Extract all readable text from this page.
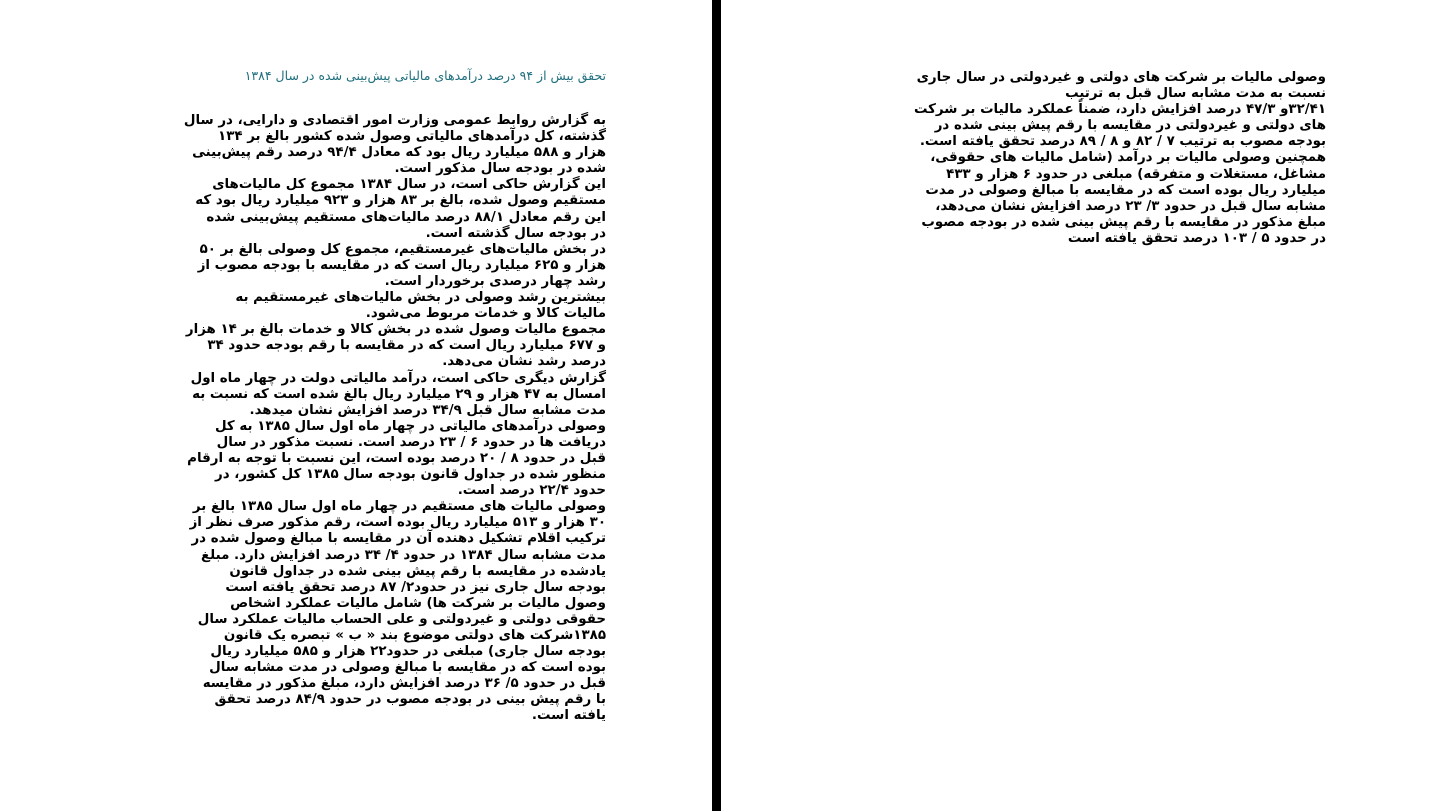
تحقق بیش از ۹۴ درصد درآمدهای مالیاتی پیش‌بینی شده در سال ۱۳۸۴
به گزارش روابط عمومی وزارت امور اقتصادی و دارایی، در سال
گذشته، کل درآمدهای مالیاتی وصول شده کشور بالغ بر ۱۳۴
هزار و ۵۸۸ میلیارد ریال بود که معادل ۹۴/۴ درصد رقم پیش‌بینی
شده در بودجه سال مذکور است.
این گزارش حاکی است، در سال ۱۳۸۴ مجموع کل مالیات‌های
مستقیم وصول شده، بالغ بر ۸۳ هزار و ۹۲۳ میلیارد ریال بود که
این رقم معادل ۸۸/۱ درصد مالیات‌های مستقیم پیش‌بینی شده
در بودجه سال گذشته است.
در بخش مالیات‌های غیرمستقیم، مجموع کل وصولی بالغ بر ۵۰
هزار و ۶۲۵ میلیارد ریال است که در مقایسه با بودجه مصوب از
رشد چهار درصدی برخوردار است.
بیشترین رشد وصولی در بخش مالیات‌های غیرمستقیم به
مالیات کالا و خدمات مربوط می‌شود.
مجموع مالیات وصول شده در بخش کالا و خدمات بالغ بر ۱۴ هزار
و ۶۷۷ میلیارد ریال است که در مقایسه با رقم بودجه حدود ۳۴
درصد رشد نشان می‌دهد.
گزارش دیگری حاکی است، درآمد مالیاتی دولت در چهار ماه اول
امسال به ۴۷ هزار و ۲۹ میلیارد ریال بالغ شده است که نسبت به
مدت مشابه سال قبل ۳۴/۹ درصد افزایش نشان میدهد.
وصولی درآمدهای مالیاتی در چهار ماه اول سال ۱۳۸۵ به کل
دریافت ها در حدود ۶ / ۲۳ درصد است. نسبت مذکور در سال
قبل در حدود ۸ / ۲۰ درصد بوده است، این نسبت با توجه به ارقام
منظور شده در جداول قانون بودجه سال ۱۳۸۵ کل کشور، در
حدود ۲۲/۴ درصد است.
وصولی مالیات های مستقیم در چهار ماه اول سال ۱۳۸۵ بالغ بر
۳۰ هزار و ۵۱۳ میلیارد ریال بوده است، رقم مذکور صرف نظر از
ترکیب اقلام تشکیل دهنده آن در مقایسه با مبالغ وصول شده در
مدت مشابه سال ۱۳۸۴ در حدود ۴/ ۳۴ درصد افزایش دارد. مبلغ
یادشده در مقایسه با رقم پیش بینی شده در جداول قانون
بودجه سال جاری نیز در حدود۲/ ۸۷ درصد تحقق یافته است
وصول مالیات بر شرکت ها) شامل مالیات عملکرد اشخاص
حقوقی دولتی و غیردولتی و علی الحساب مالیات عملکرد سال
۱۳۸۵شرکت های دولتی موضوع بند « ب » تبصره یک قانون
بودجه سال جاری) مبلغی در حدود۲۲ هزار و ۵۸۵ میلیارد ریال
بوده است که در مقایسه با مبالغ وصولی در مدت مشابه سال
قبل در حدود ۵/ ۳۶ درصد افزایش دارد، مبلغ مذکور در مقایسه
با رقم پیش بینی در بودجه مصوب در حدود ۸۴/۹ درصد تحقق
یافته است.
وصولی مالیات بر شرکت های دولتی و غیردولتی در سال جاری
نسبت به مدت مشابه سال قبل به ترتیب
۳۲/۴۱و ۴۷/۳ درصد افزایش دارد، ضمناً عملکرد مالیات بر شرکت
های دولتی و غیردولتی در مقایسه با رقم پیش بینی شده در
بودجه مصوب به ترتیب ۷ / ۸۲ و ۸ / ۸۹ درصد تحقق یافته است.
همچنین وصولی مالیات بر درآمد (شامل مالیات های حقوقی،
مشاغل، مستغلات و متفرقه) مبلغی در حدود ۶ هزار و ۴۳۳
میلیارد ریال بوده است که در مقایسه با مبالغ وصولی در مدت
مشابه سال قبل در حدود ۳/ ۲۳ درصد افزایش نشان می‌دهد،
مبلغ مذکور در مقایسه با رقم پیش بینی شده در بودجه مصوب
در حدود ۵ / ۱۰۳ درصد تحقق یافته است
